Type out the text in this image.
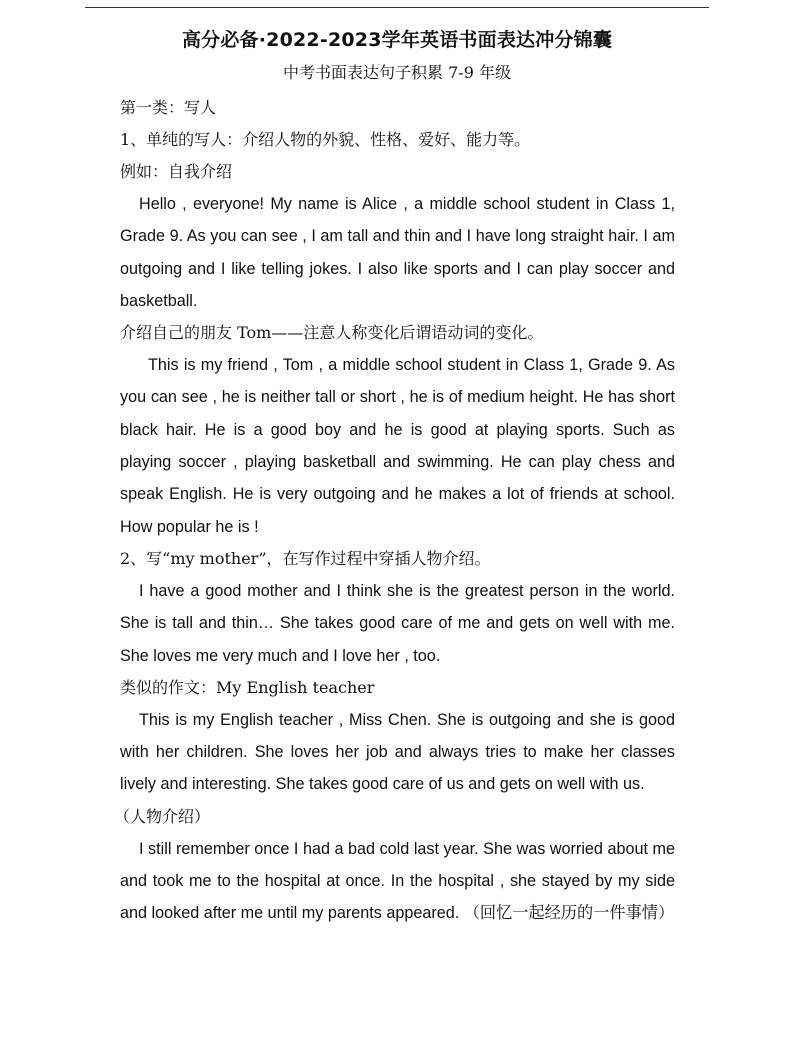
高分必备·2022-2023学年英语书面表达冲分锦囊
中考书面表达句子积累 7-9 年级
第一类：写人
1、单纯的写人：介绍人物的外貌、性格、爱好、能力等。
例如：自我介绍
Hello , everyone! My name is Alice , a middle school student in Class 1, Grade 9. As you can see , I am tall and thin and I have long straight hair. I am outgoing and I like telling jokes. I also like sports and I can play soccer and basketball.
介绍自己的朋友 Tom——注意人称变化后谓语动词的变化。
This is my friend , Tom , a middle school student in Class 1, Grade 9. As you can see , he is neither tall or short , he is of medium height. He has short black hair. He is a good boy and he is good at playing sports. Such as playing soccer , playing basketball and swimming. He can play chess and speak English. He is very outgoing and he makes a lot of friends at school. How popular he is !
2、写“my mother”，在写作过程中穿插人物介绍。
I have a good mother and I think she is the greatest person in the world. She is tall and thin… She takes good care of me and gets on well with me. She loves me very much and I love her , too.
类似的作文：My English teacher
This is my English teacher , Miss Chen. She is outgoing and she is good with her children. She loves her job and always tries to make her classes lively and interesting. She takes good care of us and gets on well with us.
（人物介绍）
I still remember once I had a bad cold last year. She was worried about me and took me to the hospital at once. In the hospital , she stayed by my side and looked after me until my parents appeared. （回忆一起经历的一件事情）
